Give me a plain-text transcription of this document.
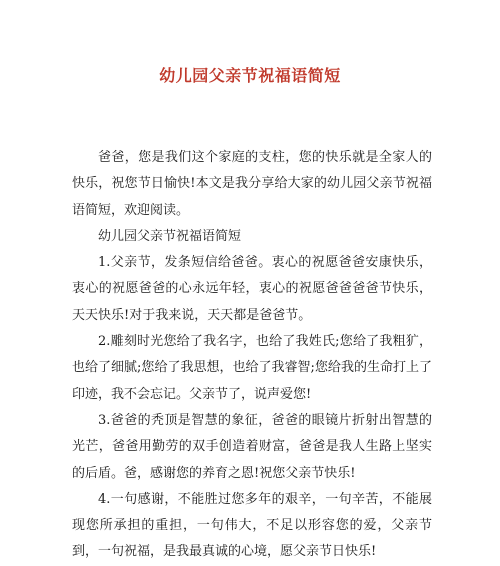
幼儿园父亲节祝福语简短

爸爸，您是我们这个家庭的支柱，您的快乐就是全家人的快乐，祝您节日愉快!本文是我分享给大家的幼儿园父亲节祝福语简短，欢迎阅读。

幼儿园父亲节祝福语简短

1.父亲节，发条短信给爸爸。衷心的祝愿爸爸安康快乐，衷心的祝愿爸爸的心永远年轻，衷心的祝愿爸爸爸爸节快乐，天天快乐!对于我来说，天天都是爸爸节。

2.雕刻时光您给了我名字，也给了我姓氏;您给了我粗犷，也给了细腻;您给了我思想，也给了我睿智;您给我的生命打上了印迹，我不会忘记。父亲节了，说声爱您!

3.爸爸的秃顶是智慧的象征，爸爸的眼镜片折射出智慧的光芒，爸爸用勤劳的双手创造着财富，爸爸是我人生路上坚实的后盾。爸，感谢您的养育之恩!祝您父亲节快乐!

4.一句感谢，不能胜过您多年的艰辛，一句辛苦，不能展现您所承担的重担，一句伟大，不足以形容您的爱，父亲节到，一句祝福，是我最真诚的心境，愿父亲节日快乐!
